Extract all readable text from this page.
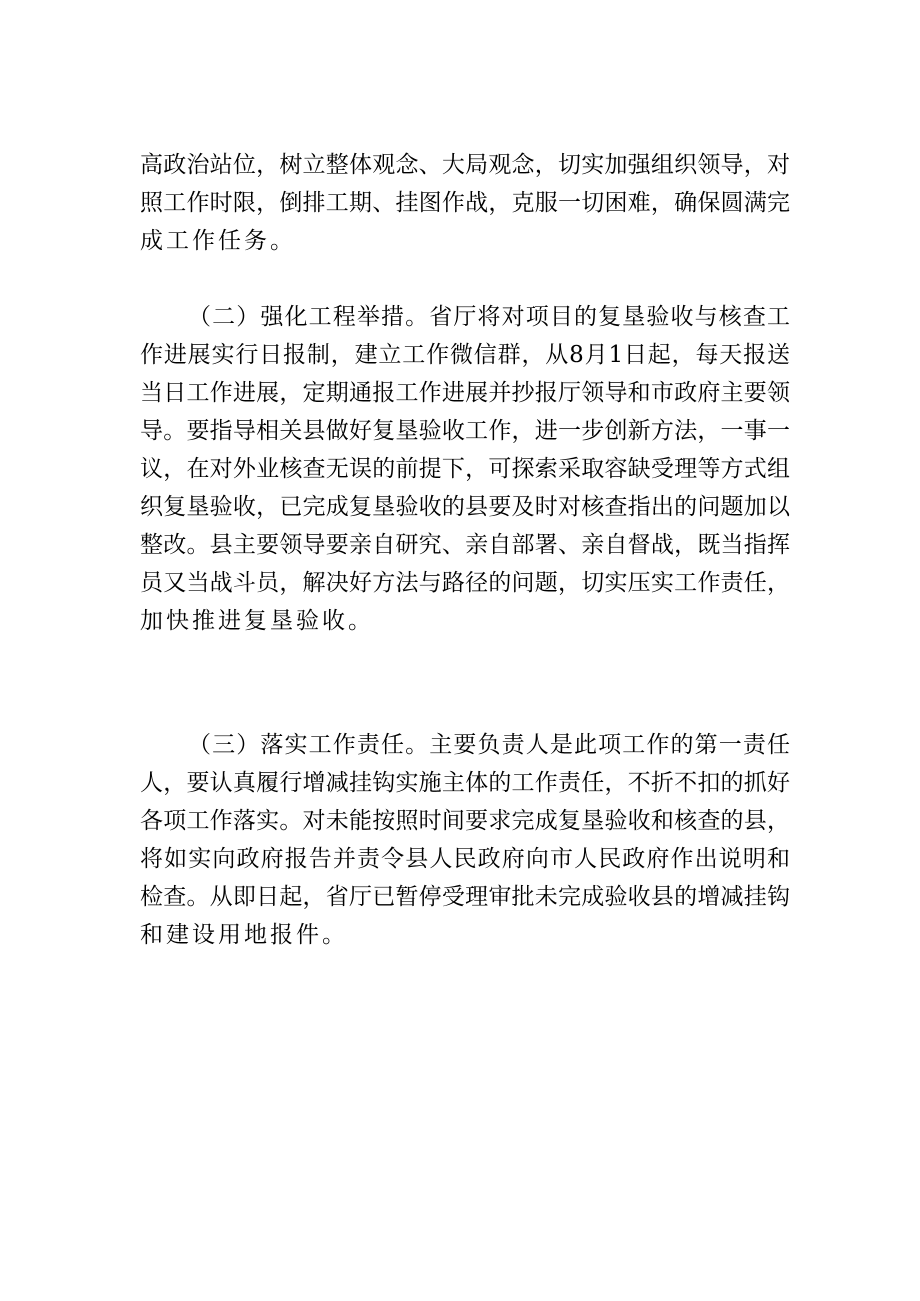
高政治站位，树立整体观念、大局观念，切实加强组织领导，对
照工作时限，倒排工期、挂图作战，克服一切困难，确保圆满完
成工作任务。
（二）强化工程举措。省厅将对项目的复垦验收与核查工
作进展实行日报制，建立工作微信群，从8月1日起，每天报送
当日工作进展，定期通报工作进展并抄报厅领导和市政府主要领
导。要指导相关县做好复垦验收工作，进一步创新方法，一事一
议，在对外业核查无误的前提下，可探索采取容缺受理等方式组
织复垦验收，已完成复垦验收的县要及时对核查指出的问题加以
整改。县主要领导要亲自研究、亲自部署、亲自督战，既当指挥
员又当战斗员，解决好方法与路径的问题，切实压实工作责任，
加快推进复垦验收。
（三）落实工作责任。主要负责人是此项工作的第一责任
人，要认真履行增减挂钩实施主体的工作责任，不折不扣的抓好
各项工作落实。对未能按照时间要求完成复垦验收和核查的县，
将如实向政府报告并责令县人民政府向市人民政府作出说明和
检查。从即日起，省厅已暂停受理审批未完成验收县的增减挂钩
和建设用地报件。
